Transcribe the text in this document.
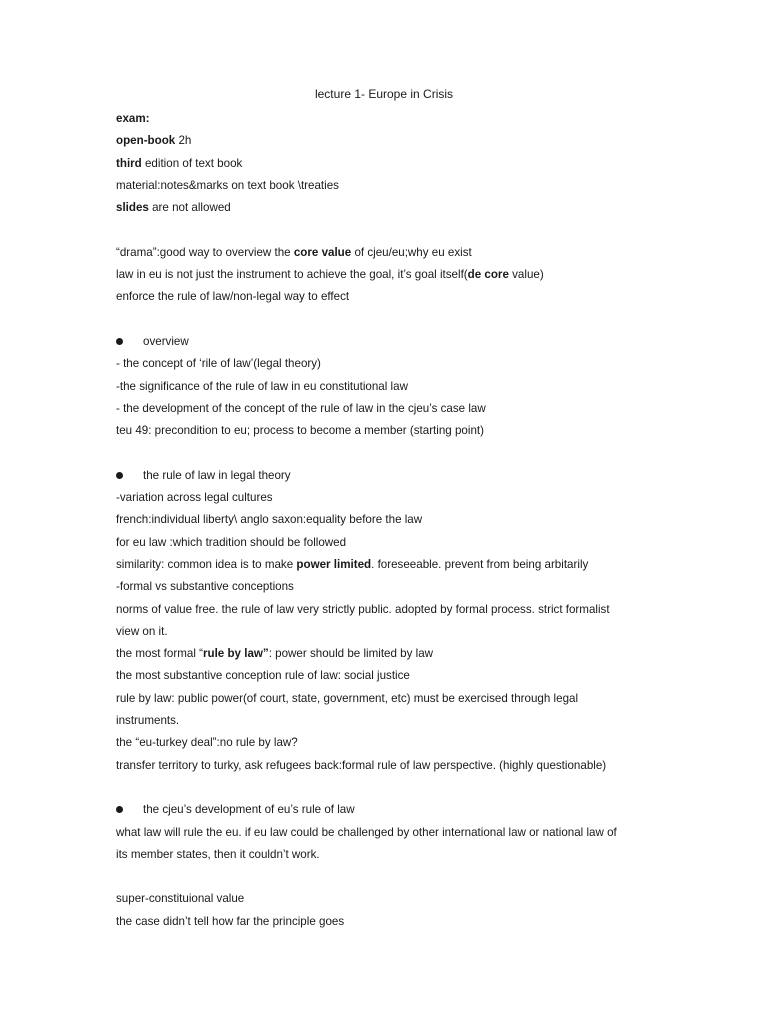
lecture 1- Europe in Crisis
exam:
open-book 2h
third edition of text book
material:notes&marks on text book \treaties
slides are not allowed
“drama”:good way to overview the core value of cjeu/eu;why eu exist
law in eu is not just the instrument to achieve the goal, it’s goal itself(de core value)
enforce the rule of law/non-legal way to effect
overview
- the concept of ‘rile of law’(legal theory)
-the significance of the rule of law in eu constitutional law
- the development of the concept of the rule of law in the cjeu’s case law
teu 49: precondition to eu; process to become a member (starting point)
the rule of law in legal theory
-variation across legal cultures
french:individual liberty\ anglo saxon:equality before the law
for eu law :which tradition should be followed
similarity: common idea is to make power limited. foreseeable. prevent from being arbitarily
-formal vs substantive conceptions
norms of value free. the rule of law very strictly public. adopted by formal process. strict formalist
view on it.
the most formal “rule by law”: power should be limited by law
the most substantive conception rule of law: social justice
rule by law: public power(of court, state, government, etc) must be exercised through legal
instruments.
the “eu-turkey deal”:no rule by law?
transfer territory to turky, ask refugees back:formal rule of law perspective. (highly questionable)
the cjeu’s development of eu’s rule of law
what law will rule the eu. if eu law could be challenged by other international law or national law of
its member states, then it couldn’t work.
super-constituional value
the case didn’t tell how far the principle goes
